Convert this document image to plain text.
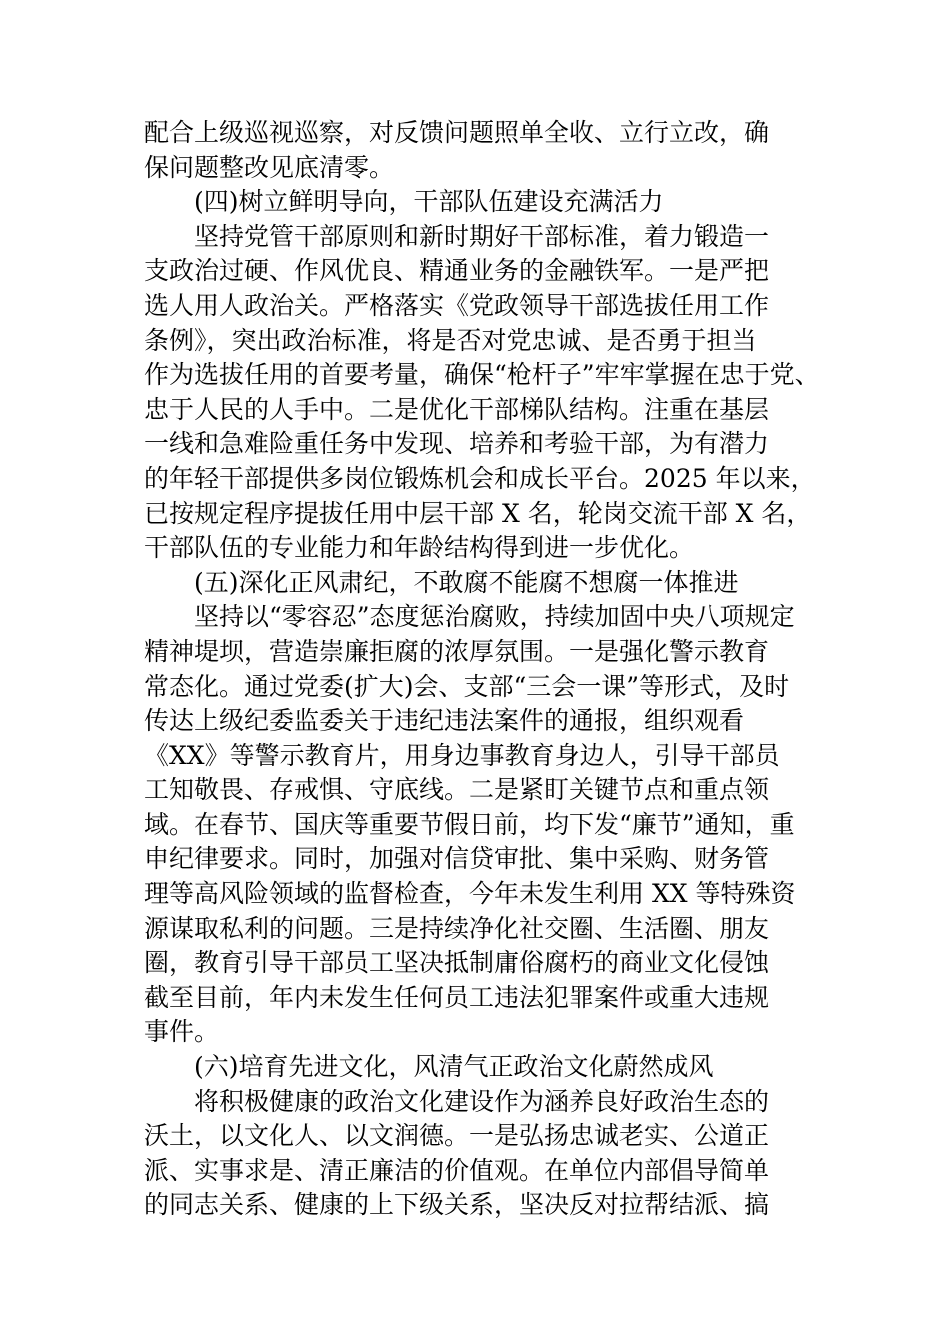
配合上级巡视巡察，对反馈问题照单全收、立行立改，确
保问题整改见底清零。
(四)树立鲜明导向，干部队伍建设充满活力
坚持党管干部原则和新时期好干部标准，着力锻造一
支政治过硬、作风优良、精通业务的金融铁军。一是严把
选人用人政治关。严格落实《党政领导干部选拔任用工作
条例》，突出政治标准，将是否对党忠诚、是否勇于担当
作为选拔任用的首要考量，确保“枪杆子”牢牢掌握在忠于党、
忠于人民的人手中。二是优化干部梯队结构。注重在基层
一线和急难险重任务中发现、培养和考验干部，为有潜力
的年轻干部提供多岗位锻炼机会和成长平台。2025 年以来，
已按规定程序提拔任用中层干部 X 名，轮岗交流干部 X 名，
干部队伍的专业能力和年龄结构得到进一步优化。
(五)深化正风肃纪，不敢腐不能腐不想腐一体推进
坚持以“零容忍”态度惩治腐败，持续加固中央八项规定
精神堤坝，营造崇廉拒腐的浓厚氛围。一是强化警示教育
常态化。通过党委(扩大)会、支部“三会一课”等形式，及时
传达上级纪委监委关于违纪违法案件的通报，组织观看
《XX》等警示教育片，用身边事教育身边人，引导干部员
工知敬畏、存戒惧、守底线。二是紧盯关键节点和重点领
域。在春节、国庆等重要节假日前，均下发“廉节”通知，重
申纪律要求。同时，加强对信贷审批、集中采购、财务管
理等高风险领域的监督检查，今年未发生利用 XX 等特殊资
源谋取私利的问题。三是持续净化社交圈、生活圈、朋友
圈，教育引导干部员工坚决抵制庸俗腐朽的商业文化侵蚀
截至目前，年内未发生任何员工违法犯罪案件或重大违规
事件。
(六)培育先进文化，风清气正政治文化蔚然成风
将积极健康的政治文化建设作为涵养良好政治生态的
沃土，以文化人、以文润德。一是弘扬忠诚老实、公道正
派、实事求是、清正廉洁的价值观。在单位内部倡导简单
的同志关系、健康的上下级关系，坚决反对拉帮结派、搞
